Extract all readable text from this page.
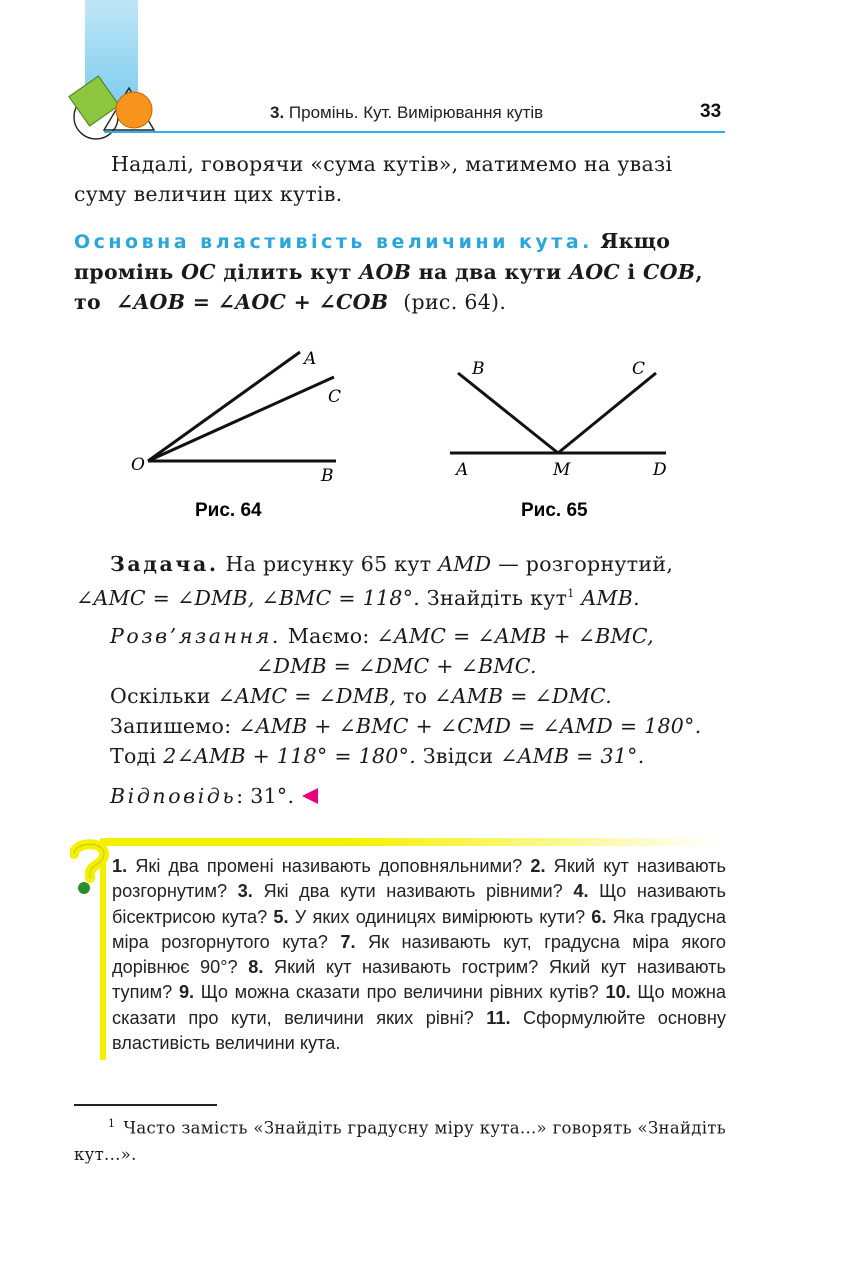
3. Промінь. Кут. Вимірювання кутів	33
Надалі, говорячи «сума кутів», матимемо на увазі
суму величин цих кутів.
Основна властивість величини кута. Якщо
промінь OC ділить кут AOB на два кути AOC і COB,
то ∠AOB = ∠AOC + ∠COB (рис. 64).
A
C
O
B
Рис. 64
B	C
A	M	D
Рис. 65
Задача. На рисунку 65 кут AMD — розгорнутий,
∠AMC = ∠DMB, ∠BMC = 118°. Знайдіть кут$^1$ AMB.
Розв’язання. Маємо: ∠AMC = ∠AMB + ∠BMC,
∠DMB = ∠DMC + ∠BMC.
Оскільки ∠AMC = ∠DMB, то ∠AMB = ∠DMC.
Запишемо: ∠AMB + ∠BMC + ∠CMD = ∠AMD = 180°.
Тоді 2∠AMB + 118° = 180°. Звідси ∠AMB = 31°.
Відповідь: 31°.
1. Які два промені називають доповняльними? 2. Який кут називають розгорнутим? 3. Які два кути називають рівними? 4. Що називають бісектрисою кута? 5. У яких одиницях вимірюють кути? 6. Яка градусна міра розгорнутого кута? 7. Як називають кут, градусна міра якого дорівнює 90°? 8. Який кут називають гострим? Який кут називають тупим? 9. Що можна сказати про величини рівних кутів? 10. Що можна сказати про кути, величини яких рівні? 11. Сформулюйте основну властивість величини кута.
$^1$ Часто замість «Знайдіть градусну міру кута...» говорять «Знайдіть кут...».
